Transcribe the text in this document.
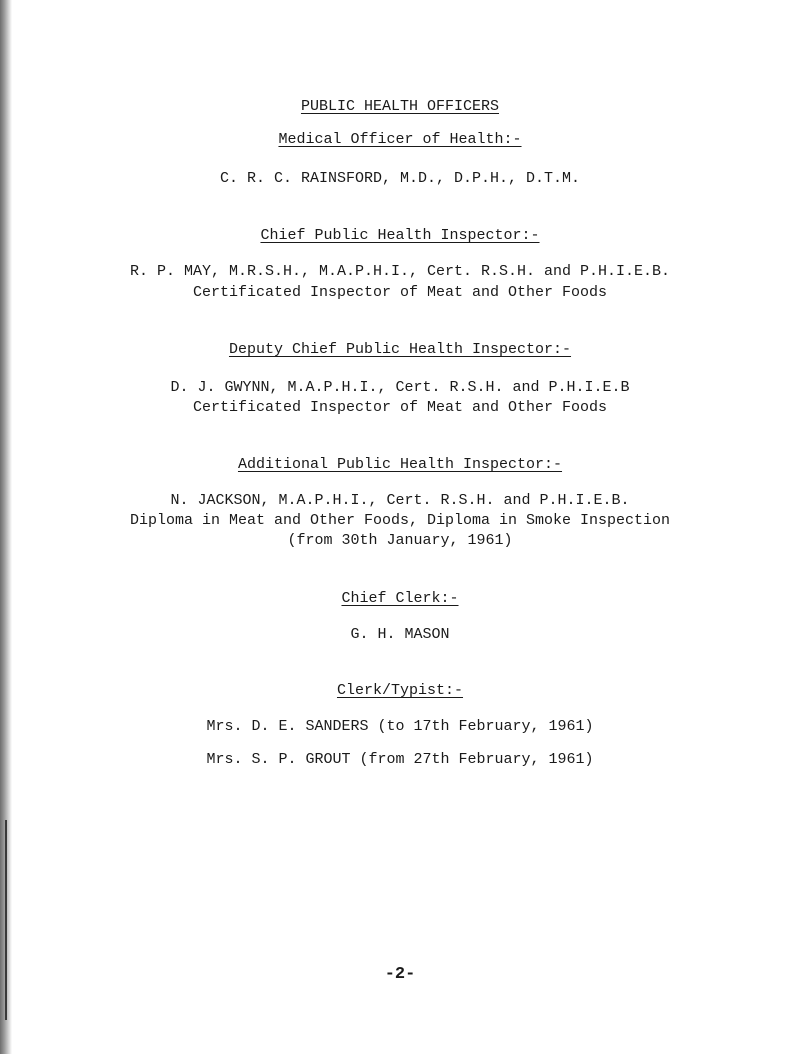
PUBLIC HEALTH OFFICERS
Medical Officer of Health:-
C. R. C. RAINSFORD, M.D., D.P.H., D.T.M.
Chief Public Health Inspector:-
R. P. MAY, M.R.S.H., M.A.P.H.I., Cert. R.S.H. and P.H.I.E.B.
Certificated Inspector of Meat and Other Foods
Deputy Chief Public Health Inspector:-
D. J. GWYNN, M.A.P.H.I., Cert. R.S.H. and P.H.I.E.B
Certificated Inspector of Meat and Other Foods
Additional Public Health Inspector:-
N. JACKSON, M.A.P.H.I., Cert. R.S.H. and P.H.I.E.B.
Diploma in Meat and Other Foods, Diploma in Smoke Inspection
(from 30th January, 1961)
Chief Clerk:-
G. H. MASON
Clerk/Typist:-
Mrs. D. E. SANDERS (to 17th February, 1961)
Mrs. S. P. GROUT (from 27th February, 1961)
-2-
